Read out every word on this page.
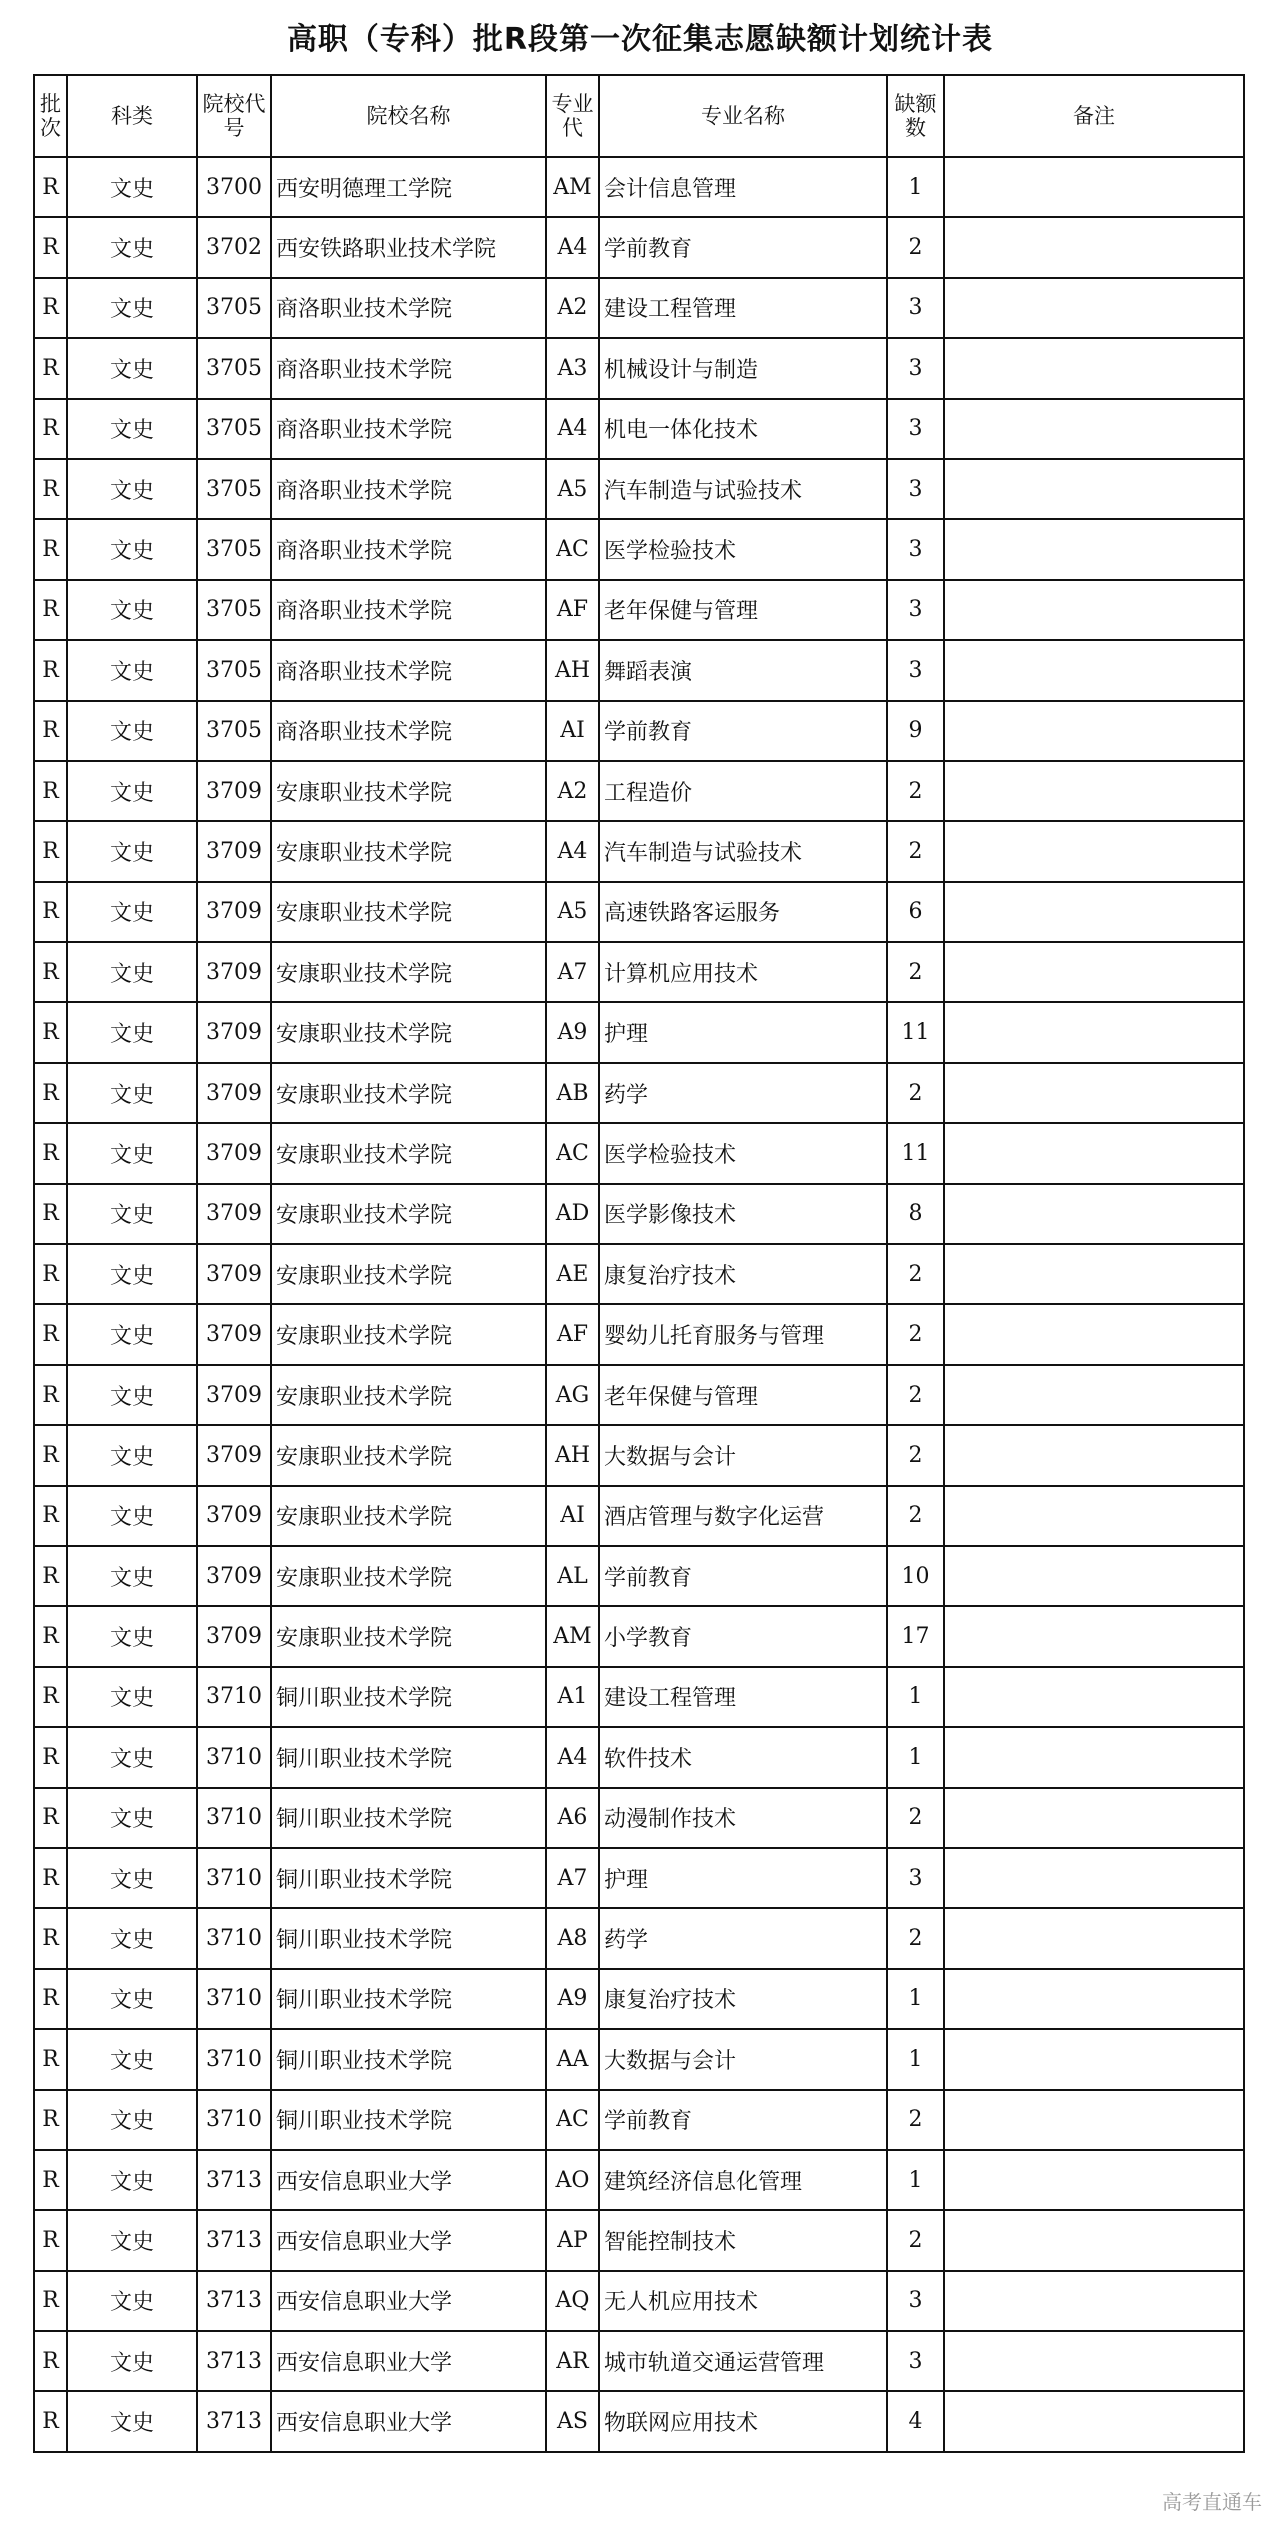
高职（专科）批R段第一次征集志愿缺额计划统计表
批次	科类	院校代号	院校名称	专业代	专业名称	缺额数	备注
R	文史	3700	西安明德理工学院	AM	会计信息管理	1	
R	文史	3702	西安铁路职业技术学院	A4	学前教育	2	
R	文史	3705	商洛职业技术学院	A2	建设工程管理	3	
R	文史	3705	商洛职业技术学院	A3	机械设计与制造	3	
R	文史	3705	商洛职业技术学院	A4	机电一体化技术	3	
R	文史	3705	商洛职业技术学院	A5	汽车制造与试验技术	3	
R	文史	3705	商洛职业技术学院	AC	医学检验技术	3	
R	文史	3705	商洛职业技术学院	AF	老年保健与管理	3	
R	文史	3705	商洛职业技术学院	AH	舞蹈表演	3	
R	文史	3705	商洛职业技术学院	AI	学前教育	9	
R	文史	3709	安康职业技术学院	A2	工程造价	2	
R	文史	3709	安康职业技术学院	A4	汽车制造与试验技术	2	
R	文史	3709	安康职业技术学院	A5	高速铁路客运服务	6	
R	文史	3709	安康职业技术学院	A7	计算机应用技术	2	
R	文史	3709	安康职业技术学院	A9	护理	11	
R	文史	3709	安康职业技术学院	AB	药学	2	
R	文史	3709	安康职业技术学院	AC	医学检验技术	11	
R	文史	3709	安康职业技术学院	AD	医学影像技术	8	
R	文史	3709	安康职业技术学院	AE	康复治疗技术	2	
R	文史	3709	安康职业技术学院	AF	婴幼儿托育服务与管理	2	
R	文史	3709	安康职业技术学院	AG	老年保健与管理	2	
R	文史	3709	安康职业技术学院	AH	大数据与会计	2	
R	文史	3709	安康职业技术学院	AI	酒店管理与数字化运营	2	
R	文史	3709	安康职业技术学院	AL	学前教育	10	
R	文史	3709	安康职业技术学院	AM	小学教育	17	
R	文史	3710	铜川职业技术学院	A1	建设工程管理	1	
R	文史	3710	铜川职业技术学院	A4	软件技术	1	
R	文史	3710	铜川职业技术学院	A6	动漫制作技术	2	
R	文史	3710	铜川职业技术学院	A7	护理	3	
R	文史	3710	铜川职业技术学院	A8	药学	2	
R	文史	3710	铜川职业技术学院	A9	康复治疗技术	1	
R	文史	3710	铜川职业技术学院	AA	大数据与会计	1	
R	文史	3710	铜川职业技术学院	AC	学前教育	2	
R	文史	3713	西安信息职业大学	AO	建筑经济信息化管理	1	
R	文史	3713	西安信息职业大学	AP	智能控制技术	2	
R	文史	3713	西安信息职业大学	AQ	无人机应用技术	3	
R	文史	3713	西安信息职业大学	AR	城市轨道交通运营管理	3	
R	文史	3713	西安信息职业大学	AS	物联网应用技术	4	
高考直通车
